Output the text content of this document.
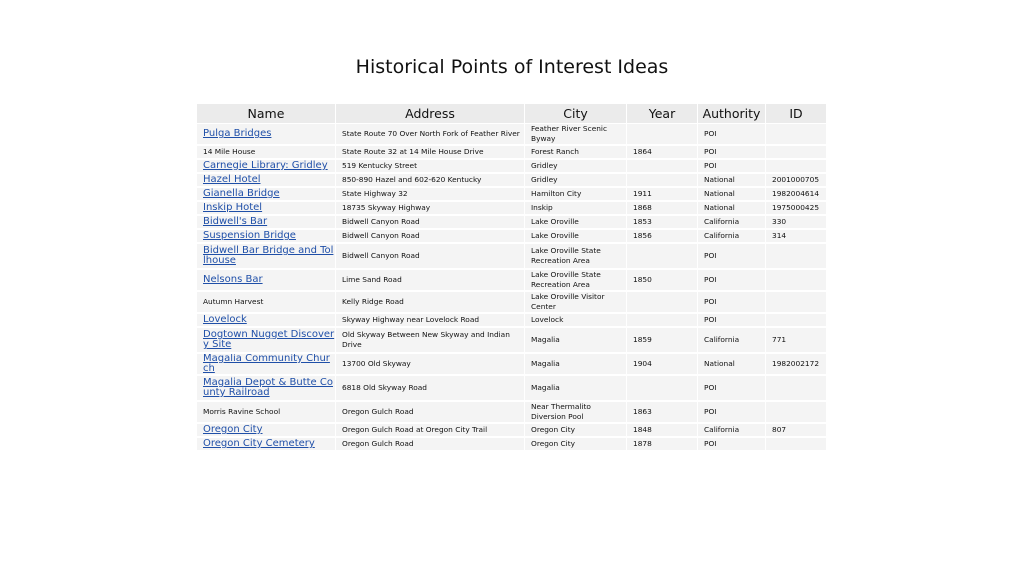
Historical Points of Interest Ideas
Name	Address	City	Year	Authority	ID
Pulga Bridges	State Route 70 Over North Fork of Feather River	Feather River Scenic Byway		POI	
14 Mile House	State Route 32 at 14 Mile House Drive	Forest Ranch	1864	POI	
Carnegie Library: Gridley	519 Kentucky Street	Gridley		POI	
Hazel Hotel	850-890 Hazel and 602-620 Kentucky	Gridley		National	2001000705
Gianella Bridge	State Highway 32	Hamilton City	1911	National	1982004614
Inskip Hotel	18735 Skyway Highway	Inskip	1868	National	1975000425
Bidwell's Bar	Bidwell Canyon Road	Lake Oroville	1853	California	330
Suspension Bridge	Bidwell Canyon Road	Lake Oroville	1856	California	314
Bidwell Bar Bridge and Tollhouse	Bidwell Canyon Road	Lake Oroville State Recreation Area		POI	
Nelsons Bar	Lime Sand Road	Lake Oroville State Recreation Area	1850	POI	
Autumn Harvest	Kelly Ridge Road	Lake Oroville Visitor Center		POI	
Lovelock	Skyway Highway near Lovelock Road	Lovelock		POI	
Dogtown Nugget Discovery Site	Old Skyway Between New Skyway and Indian Drive	Magalia	1859	California	771
Magalia Community Church	13700 Old Skyway	Magalia	1904	National	1982002172
Magalia Depot & Butte County Railroad	6818 Old Skyway Road	Magalia		POI	
Morris Ravine School	Oregon Gulch Road	Near Thermalito Diversion Pool	1863	POI	
Oregon City	Oregon Gulch Road at Oregon City Trail	Oregon City	1848	California	807
Oregon City Cemetery	Oregon Gulch Road	Oregon City	1878	POI	
